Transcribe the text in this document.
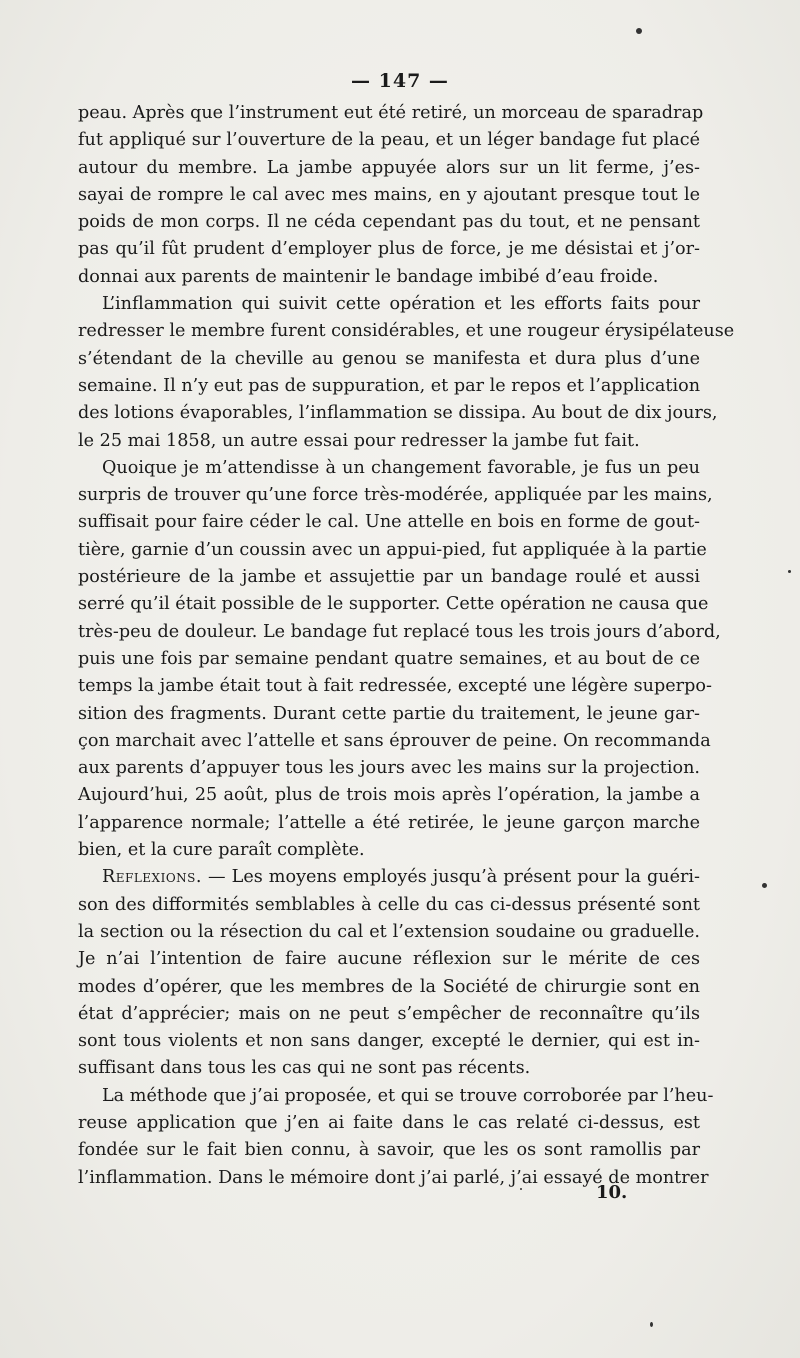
— 147 —

peau. Après que l’instrument eut été retiré, un morceau de sparadrap
fut appliqué sur l’ouverture de la peau, et un léger bandage fut placé
autour du membre. La jambe appuyée alors sur un lit ferme, j’es-
sayai de rompre le cal avec mes mains, en y ajoutant presque tout le
poids de mon corps. Il ne céda cependant pas du tout, et ne pensant
pas qu’il fût prudent d’employer plus de force, je me désistai et j’or-
donnai aux parents de maintenir le bandage imbibé d’eau froide.

L’inflammation qui suivit cette opération et les efforts faits pour
redresser le membre furent considérables, et une rougeur érysipélateuse
s’étendant de la cheville au genou se manifesta et dura plus d’une
semaine. Il n’y eut pas de suppuration, et par le repos et l’application
des lotions évaporables, l’inflammation se dissipa. Au bout de dix jours,
le 25 mai 1858, un autre essai pour redresser la jambe fut fait.

Quoique je m’attendisse à un changement favorable, je fus un peu
surpris de trouver qu’une force très-modérée, appliquée par les mains,
suffisait pour faire céder le cal. Une attelle en bois en forme de gout-
tière, garnie d’un coussin avec un appui-pied, fut appliquée à la partie
postérieure de la jambe et assujettie par un bandage roulé et aussi
serré qu’il était possible de le supporter. Cette opération ne causa que
très-peu de douleur. Le bandage fut replacé tous les trois jours d’abord,
puis une fois par semaine pendant quatre semaines, et au bout de ce
temps la jambe était tout à fait redressée, excepté une légère superpo-
sition des fragments. Durant cette partie du traitement, le jeune gar-
çon marchait avec l’attelle et sans éprouver de peine. On recommanda
aux parents d’appuyer tous les jours avec les mains sur la projection.
Aujourd’hui, 25 août, plus de trois mois après l’opération, la jambe a
l’apparence normale; l’attelle a été retirée, le jeune garçon marche
bien, et la cure paraît complète.

Reflexions. — Les moyens employés jusqu’à présent pour la guéri-
son des difformités semblables à celle du cas ci-dessus présenté sont
la section ou la résection du cal et l’extension soudaine ou graduelle.
Je n’ai l’intention de faire aucune réflexion sur le mérite de ces
modes d’opérer, que les membres de la Société de chirurgie sont en
état d’apprécier; mais on ne peut s’empêcher de reconnaître qu’ils
sont tous violents et non sans danger, excepté le dernier, qui est in-
suffisant dans tous les cas qui ne sont pas récents.

La méthode que j’ai proposée, et qui se trouve corroborée par l’heu-
reuse application que j’en ai faite dans le cas relaté ci-dessus, est
fondée sur le fait bien connu, à savoir, que les os sont ramollis par
l’inflammation. Dans le mémoire dont j’ai parlé, j’ai essayé de montrer

10.
